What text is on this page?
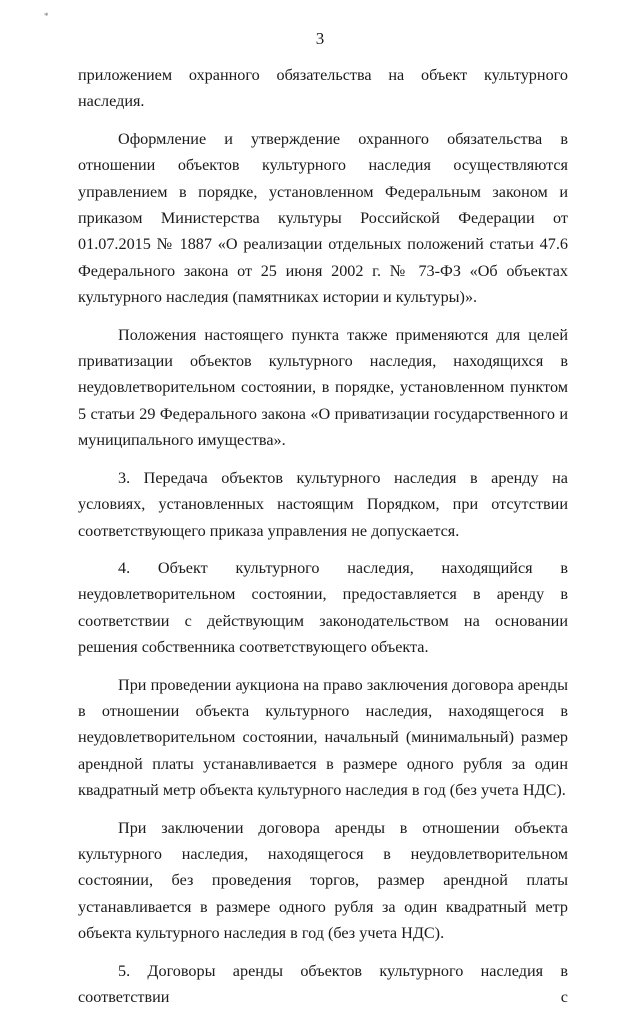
*
3

приложением охранного обязательства на объект культурного наследия.

Оформление и утверждение охранного обязательства в отношении объектов культурного наследия осуществляются управлением в порядке, установленном Федеральным законом и приказом Министерства культуры Российской Федерации от 01.07.2015 № 1887 «О реализации отдельных положений статьи 47.6 Федерального закона от 25 июня 2002 г. № 73-ФЗ «Об объектах культурного наследия (памятниках истории и культуры)».

Положения настоящего пункта также применяются для целей приватизации объектов культурного наследия, находящихся в неудовлетворительном состоянии, в порядке, установленном пунктом 5 статьи 29 Федерального закона «О приватизации государственного и муниципального имущества».

3. Передача объектов культурного наследия в аренду на условиях, установленных настоящим Порядком, при отсутствии соответствующего приказа управления не допускается.

4. Объект культурного наследия, находящийся в неудовлетворительном состоянии, предоставляется в аренду в соответствии с действующим законодательством на основании решения собственника соответствующего объекта.

При проведении аукциона на право заключения договора аренды в отношении объекта культурного наследия, находящегося в неудовлетворительном состоянии, начальный (минимальный) размер арендной платы устанавливается в размере одного рубля за один квадратный метр объекта культурного наследия в год (без учета НДС).

При заключении договора аренды в отношении объекта культурного наследия, находящегося в неудовлетворительном состоянии, без проведения торгов, размер арендной платы устанавливается в размере одного рубля за один квадратный метр объекта культурного наследия в год (без учета НДС).

5. Договоры аренды объектов культурного наследия в соответствии с
